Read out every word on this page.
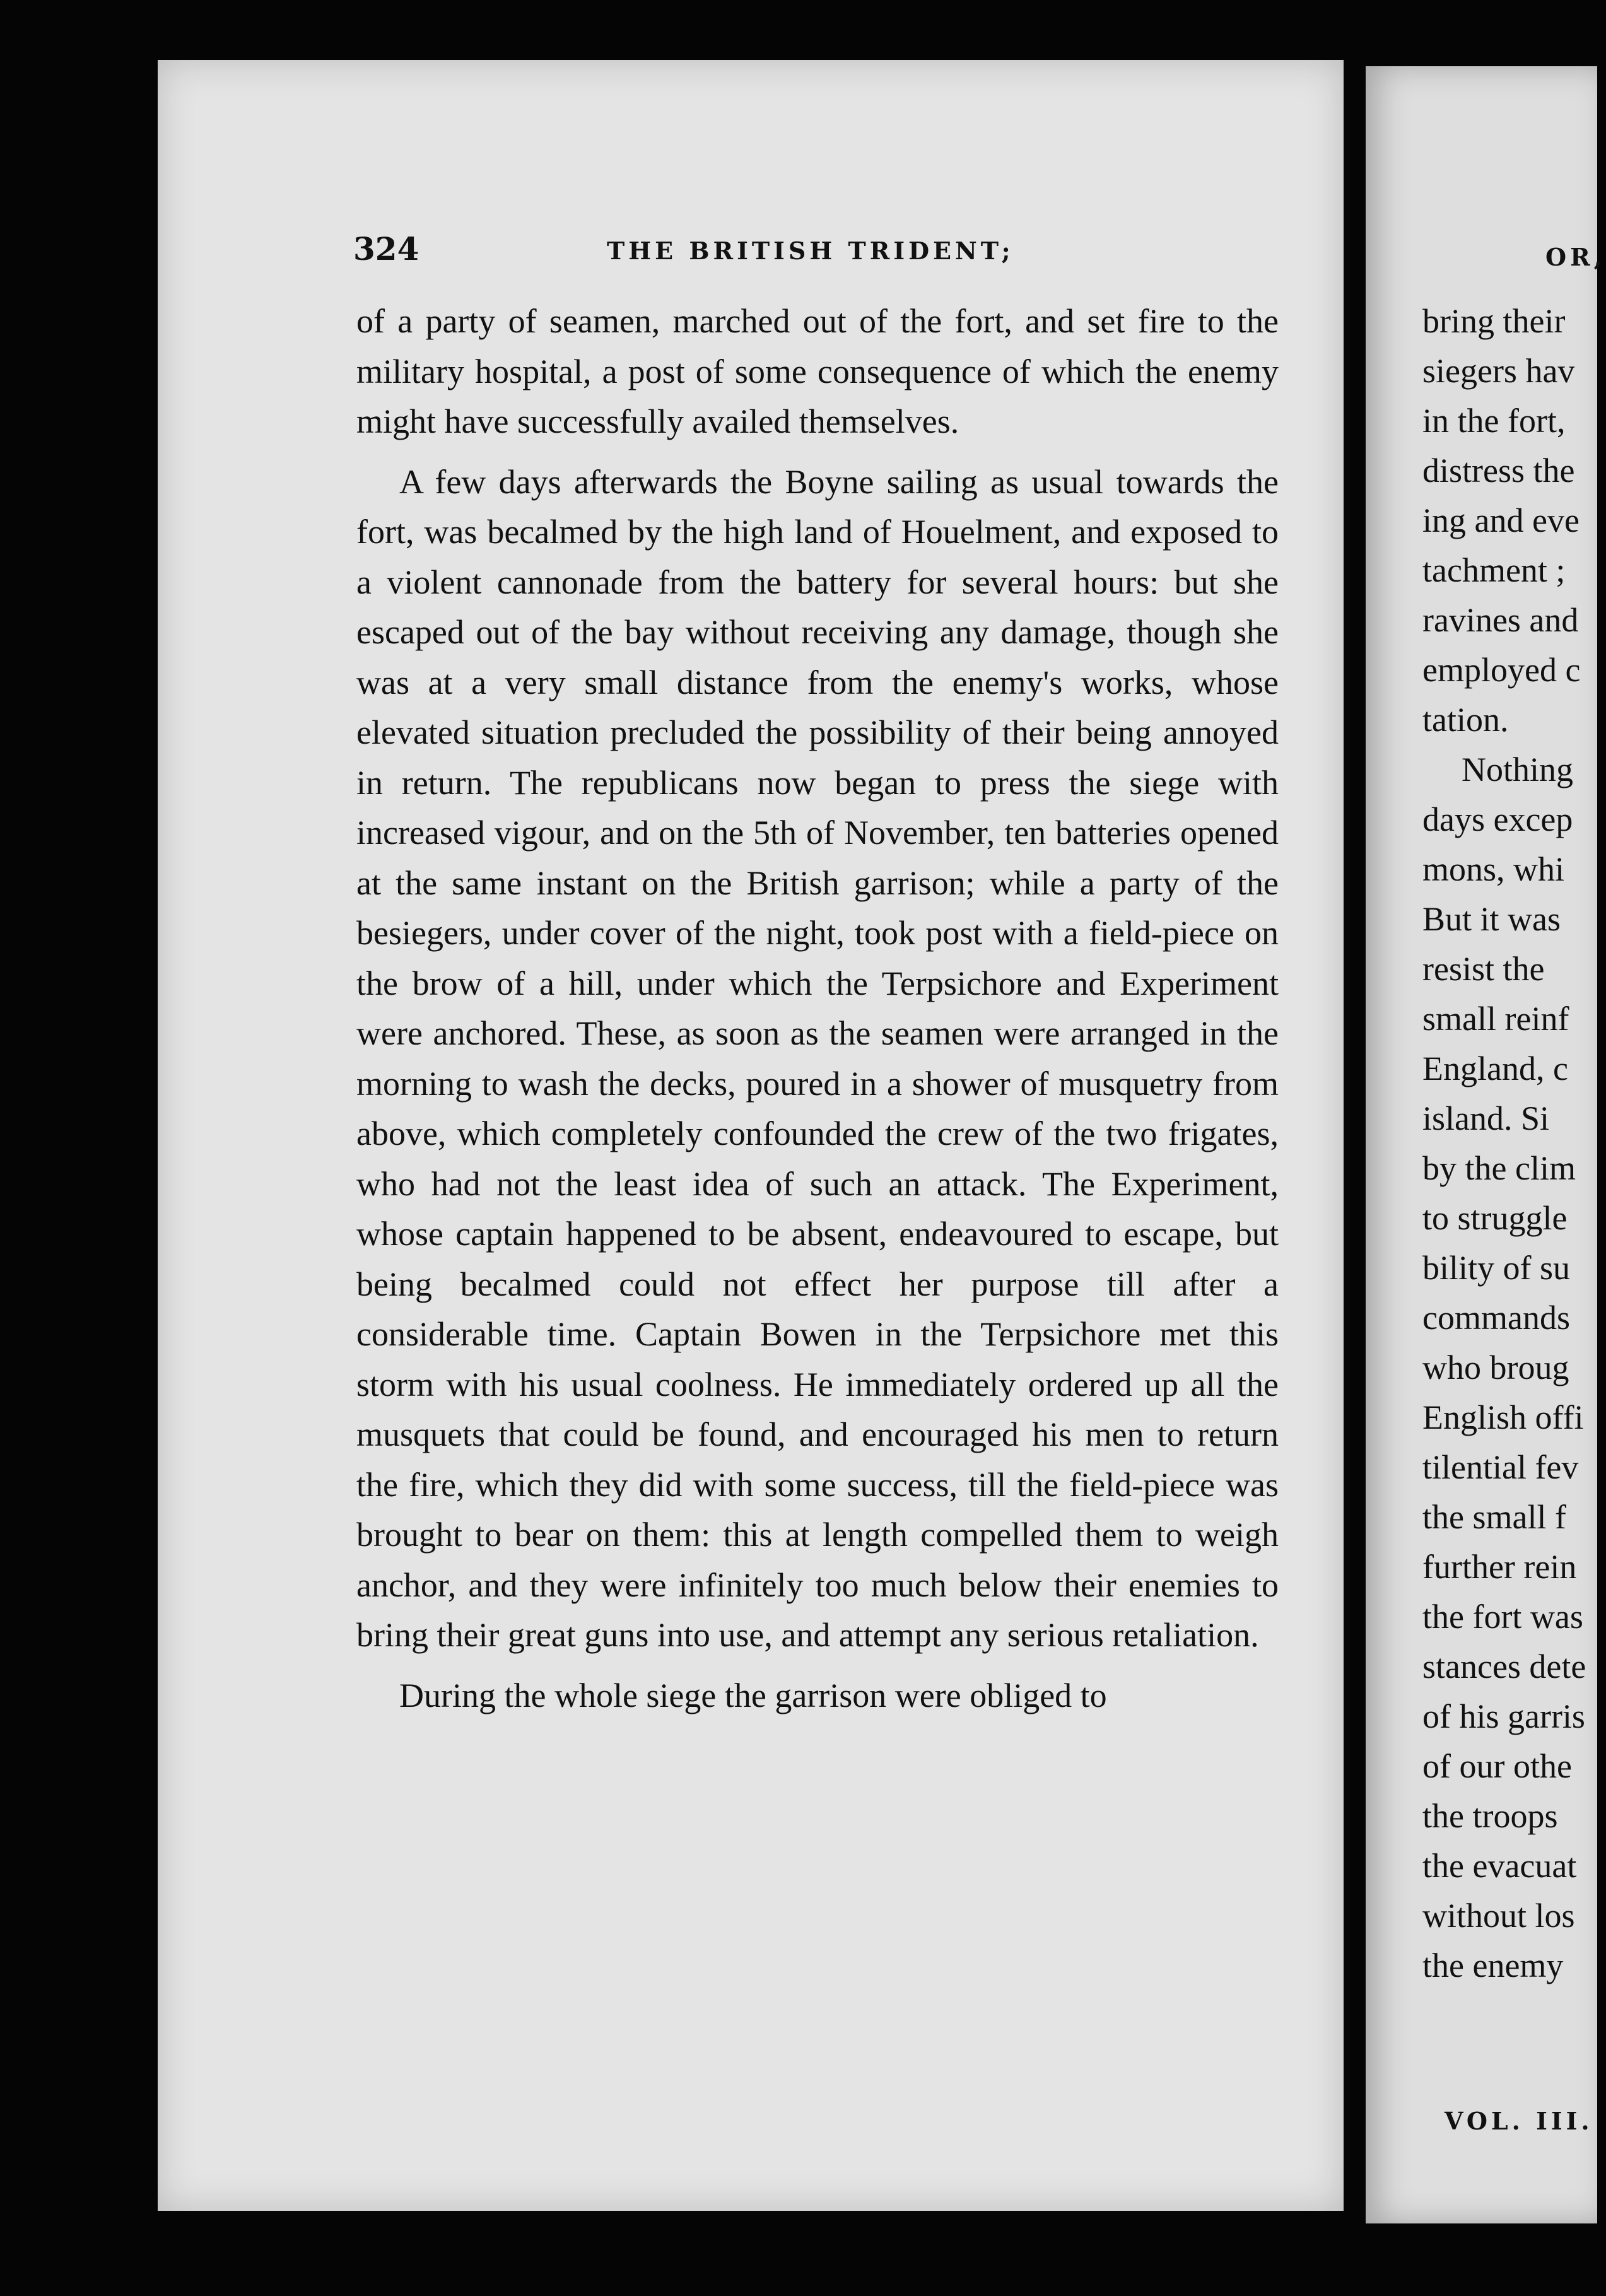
324	THE BRITISH TRIDENT;

of a party of seamen, marched out of the fort, and set fire to the military hospital, a post of some consequence of which the enemy might have successfully availed themselves.

A few days afterwards the Boyne sailing as usual towards the fort, was becalmed by the high land of Houelment, and exposed to a violent cannonade from the battery for several hours: but she escaped out of the bay without receiving any damage, though she was at a very small distance from the enemy's works, whose elevated situation precluded the possibility of their being annoyed in return. The republicans now began to press the siege with increased vigour, and on the 5th of November, ten batteries opened at the same instant on the British garrison; while a party of the besiegers, under cover of the night, took post with a field-piece on the brow of a hill, under which the Terpsichore and Experiment were anchored. These, as soon as the seamen were arranged in the morning to wash the decks, poured in a shower of musquetry from above, which completely confounded the crew of the two frigates, who had not the least idea of such an attack. The Experiment, whose captain happened to be absent, endeavoured to escape, but being becalmed could not effect her purpose till after a considerable time. Captain Bowen in the Terpsichore met this storm with his usual coolness. He immediately ordered up all the musquets that could be found, and encouraged his men to return the fire, which they did with some success, till the field-piece was brought to bear on them: this at length compelled them to weigh anchor, and they were infinitely too much below their enemies to bring their great guns into use, and attempt any serious retaliation.

During the whole siege the garrison were obliged to

OR,
bring their
siegers hav
in the fort,
distress the
ing and eve
tachment ;
ravines and
employed c
tation.
Nothing
days excep
mons, whi
But it was
resist the
small reinf
England, c
island. Si
by the clim
to struggle
bility of su
commands
who broug
English offi
tilential fev
the small f
further rein
the fort was
stances dete
of his garris
of our othe
the troops
the evacuat
without los
the enemy
VOL. III.
